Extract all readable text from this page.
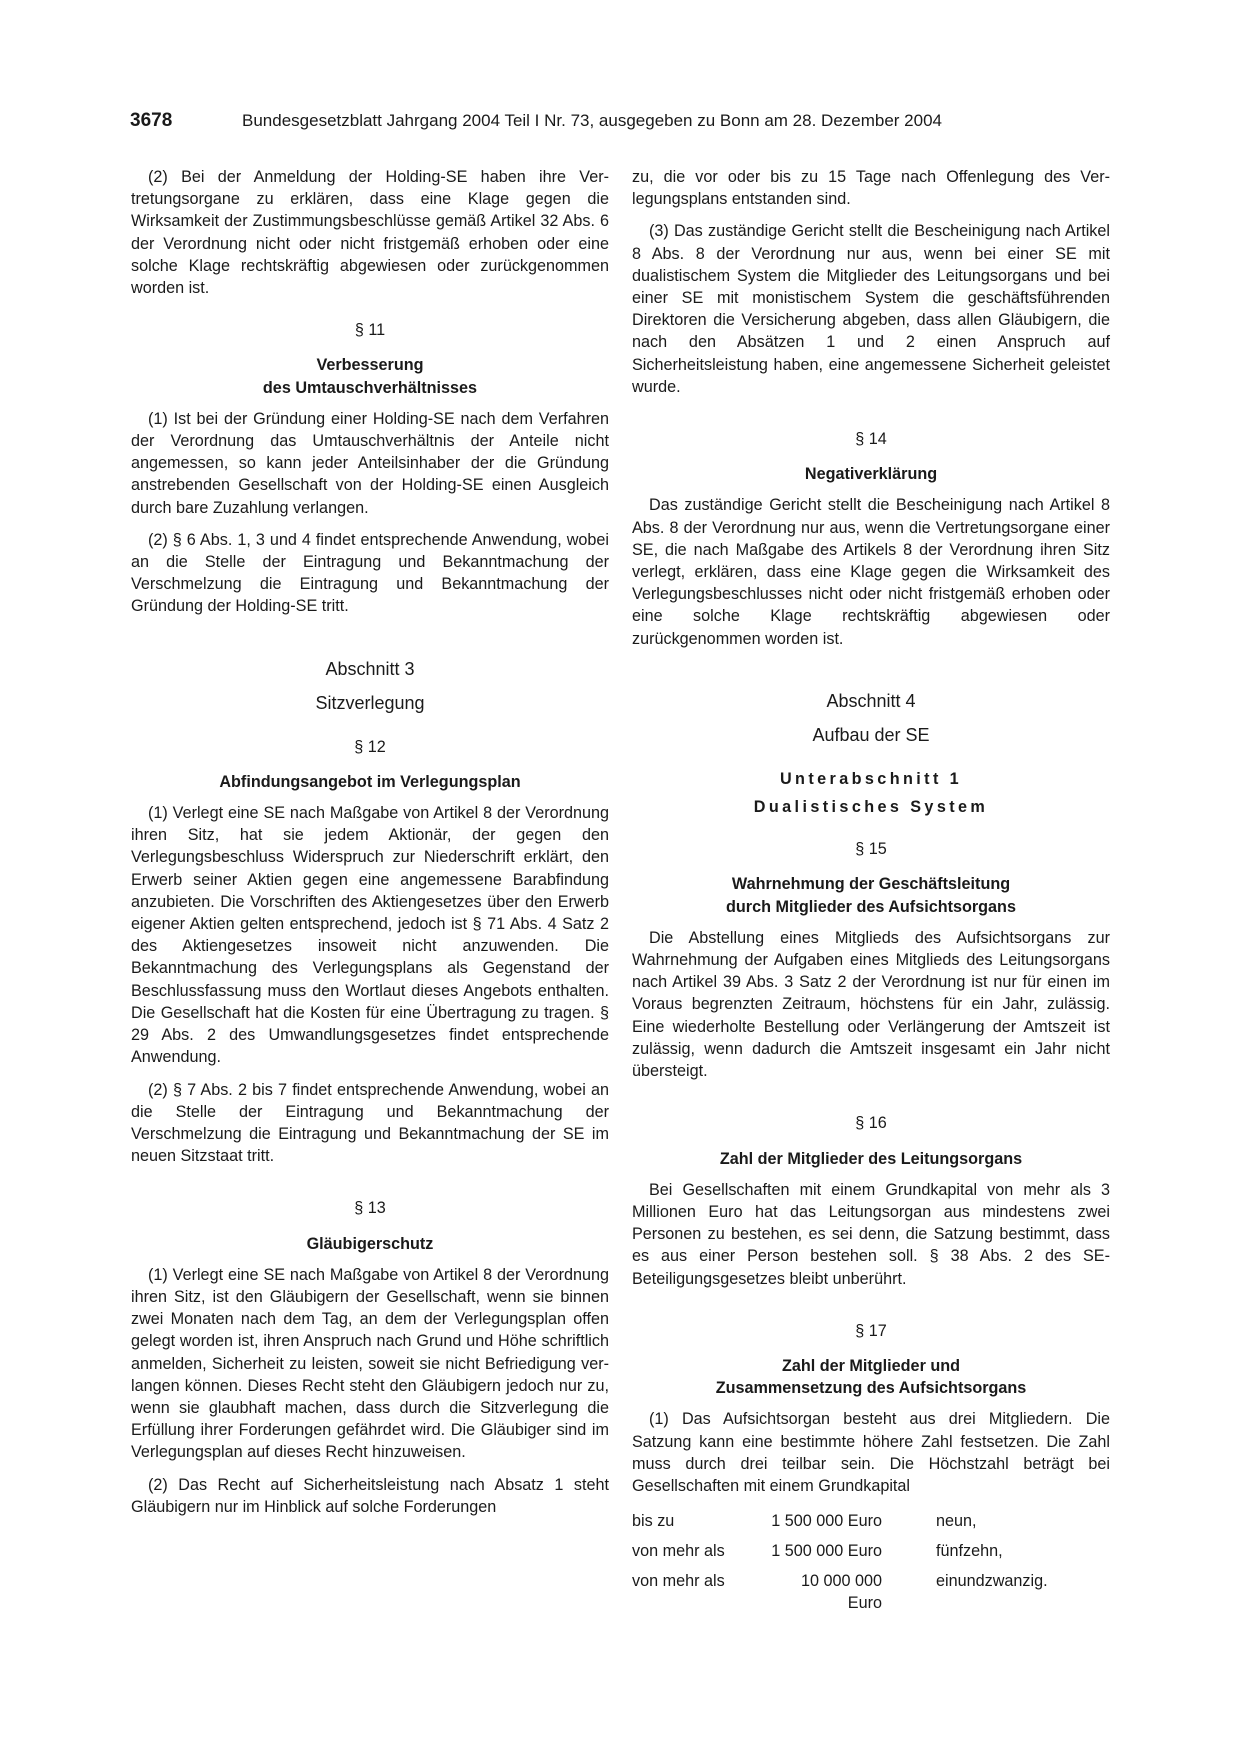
3678	Bundesgesetzblatt Jahrgang 2004 Teil I Nr. 73, ausgegeben zu Bonn am 28. Dezember 2004

(2) Bei der Anmeldung der Holding-SE haben ihre Vertretungsorgane zu erklären, dass eine Klage gegen die Wirksamkeit der Zustimmungsbeschlüsse gemäß Artikel 32 Abs. 6 der Verordnung nicht oder nicht fristgemäß erhoben oder eine solche Klage rechtskräftig abgewiesen oder zurückgenommen worden ist.

§ 11
Verbesserung
des Umtauschverhältnisses

(1) Ist bei der Gründung einer Holding-SE nach dem Verfahren der Verordnung das Umtauschverhältnis der Anteile nicht angemessen, so kann jeder Anteilsinhaber der die Gründung anstrebenden Gesellschaft von der Holding-SE einen Ausgleich durch bare Zuzahlung verlangen.

(2) § 6 Abs. 1, 3 und 4 findet entsprechende Anwendung, wobei an die Stelle der Eintragung und Bekanntmachung der Verschmelzung die Eintragung und Bekanntmachung der Gründung der Holding-SE tritt.

Abschnitt 3
Sitzverlegung
§ 12
Abfindungsangebot im Verlegungsplan

(1) Verlegt eine SE nach Maßgabe von Artikel 8 der Verordnung ihren Sitz, hat sie jedem Aktionär, der gegen den Verlegungsbeschluss Widerspruch zur Niederschrift erklärt, den Erwerb seiner Aktien gegen eine angemessene Barabfindung anzubieten. Die Vorschriften des Aktiengesetzes über den Erwerb eigener Aktien gelten entsprechend, jedoch ist § 71 Abs. 4 Satz 2 des Aktiengesetzes insoweit nicht anzuwenden. Die Bekanntmachung des Verlegungsplans als Gegenstand der Beschlussfassung muss den Wortlaut dieses Angebots enthalten. Die Gesellschaft hat die Kosten für eine Übertragung zu tragen. § 29 Abs. 2 des Umwandlungsgesetzes findet entsprechende Anwendung.

(2) § 7 Abs. 2 bis 7 findet entsprechende Anwendung, wobei an die Stelle der Eintragung und Bekanntmachung der Verschmelzung die Eintragung und Bekanntmachung der SE im neuen Sitzstaat tritt.

§ 13
Gläubigerschutz

(1) Verlegt eine SE nach Maßgabe von Artikel 8 der Verordnung ihren Sitz, ist den Gläubigern der Gesellschaft, wenn sie binnen zwei Monaten nach dem Tag, an dem der Verlegungsplan offen gelegt worden ist, ihren Anspruch nach Grund und Höhe schriftlich anmelden, Sicherheit zu leisten, soweit sie nicht Befriedigung verlangen können. Dieses Recht steht den Gläubigern jedoch nur zu, wenn sie glaubhaft machen, dass durch die Sitzverlegung die Erfüllung ihrer Forderungen gefährdet wird. Die Gläubiger sind im Verlegungsplan auf dieses Recht hinzuweisen.

(2) Das Recht auf Sicherheitsleistung nach Absatz 1 steht Gläubigern nur im Hinblick auf solche Forderungen

zu, die vor oder bis zu 15 Tage nach Offenlegung des Verlegungsplans entstanden sind.

(3) Das zuständige Gericht stellt die Bescheinigung nach Artikel 8 Abs. 8 der Verordnung nur aus, wenn bei einer SE mit dualistischem System die Mitglieder des Leitungsorgans und bei einer SE mit monistischem System die geschäftsführenden Direktoren die Versicherung abgeben, dass allen Gläubigern, die nach den Absätzen 1 und 2 einen Anspruch auf Sicherheitsleistung haben, eine angemessene Sicherheit geleistet wurde.

§ 14
Negativerklärung

Das zuständige Gericht stellt die Bescheinigung nach Artikel 8 Abs. 8 der Verordnung nur aus, wenn die Vertretungsorgane einer SE, die nach Maßgabe des Artikels 8 der Verordnung ihren Sitz verlegt, erklären, dass eine Klage gegen die Wirksamkeit des Verlegungsbeschlusses nicht oder nicht fristgemäß erhoben oder eine solche Klage rechtskräftig abgewiesen oder zurückgenommen worden ist.

Abschnitt 4
Aufbau der SE
Unterabschnitt 1
Dualistisches System
§ 15
Wahrnehmung der Geschäftsleitung
durch Mitglieder des Aufsichtsorgans

Die Abstellung eines Mitglieds des Aufsichtsorgans zur Wahrnehmung der Aufgaben eines Mitglieds des Leitungsorgans nach Artikel 39 Abs. 3 Satz 2 der Verordnung ist nur für einen im Voraus begrenzten Zeitraum, höchstens für ein Jahr, zulässig. Eine wiederholte Bestellung oder Verlängerung der Amtszeit ist zulässig, wenn dadurch die Amtszeit insgesamt ein Jahr nicht übersteigt.

§ 16
Zahl der Mitglieder des Leitungsorgans

Bei Gesellschaften mit einem Grundkapital von mehr als 3 Millionen Euro hat das Leitungsorgan aus mindestens zwei Personen zu bestehen, es sei denn, die Satzung bestimmt, dass es aus einer Person bestehen soll. § 38 Abs. 2 des SE-Beteiligungsgesetzes bleibt unberührt.

§ 17
Zahl der Mitglieder und
Zusammensetzung des Aufsichtsorgans

(1) Das Aufsichtsorgan besteht aus drei Mitgliedern. Die Satzung kann eine bestimmte höhere Zahl festsetzen. Die Zahl muss durch drei teilbar sein. Die Höchstzahl beträgt bei Gesellschaften mit einem Grundkapital

bis zu	1 500 000 Euro		neun,
von mehr als	1 500 000 Euro		fünfzehn,
von mehr als	10 000 000 Euro		einundzwanzig.
